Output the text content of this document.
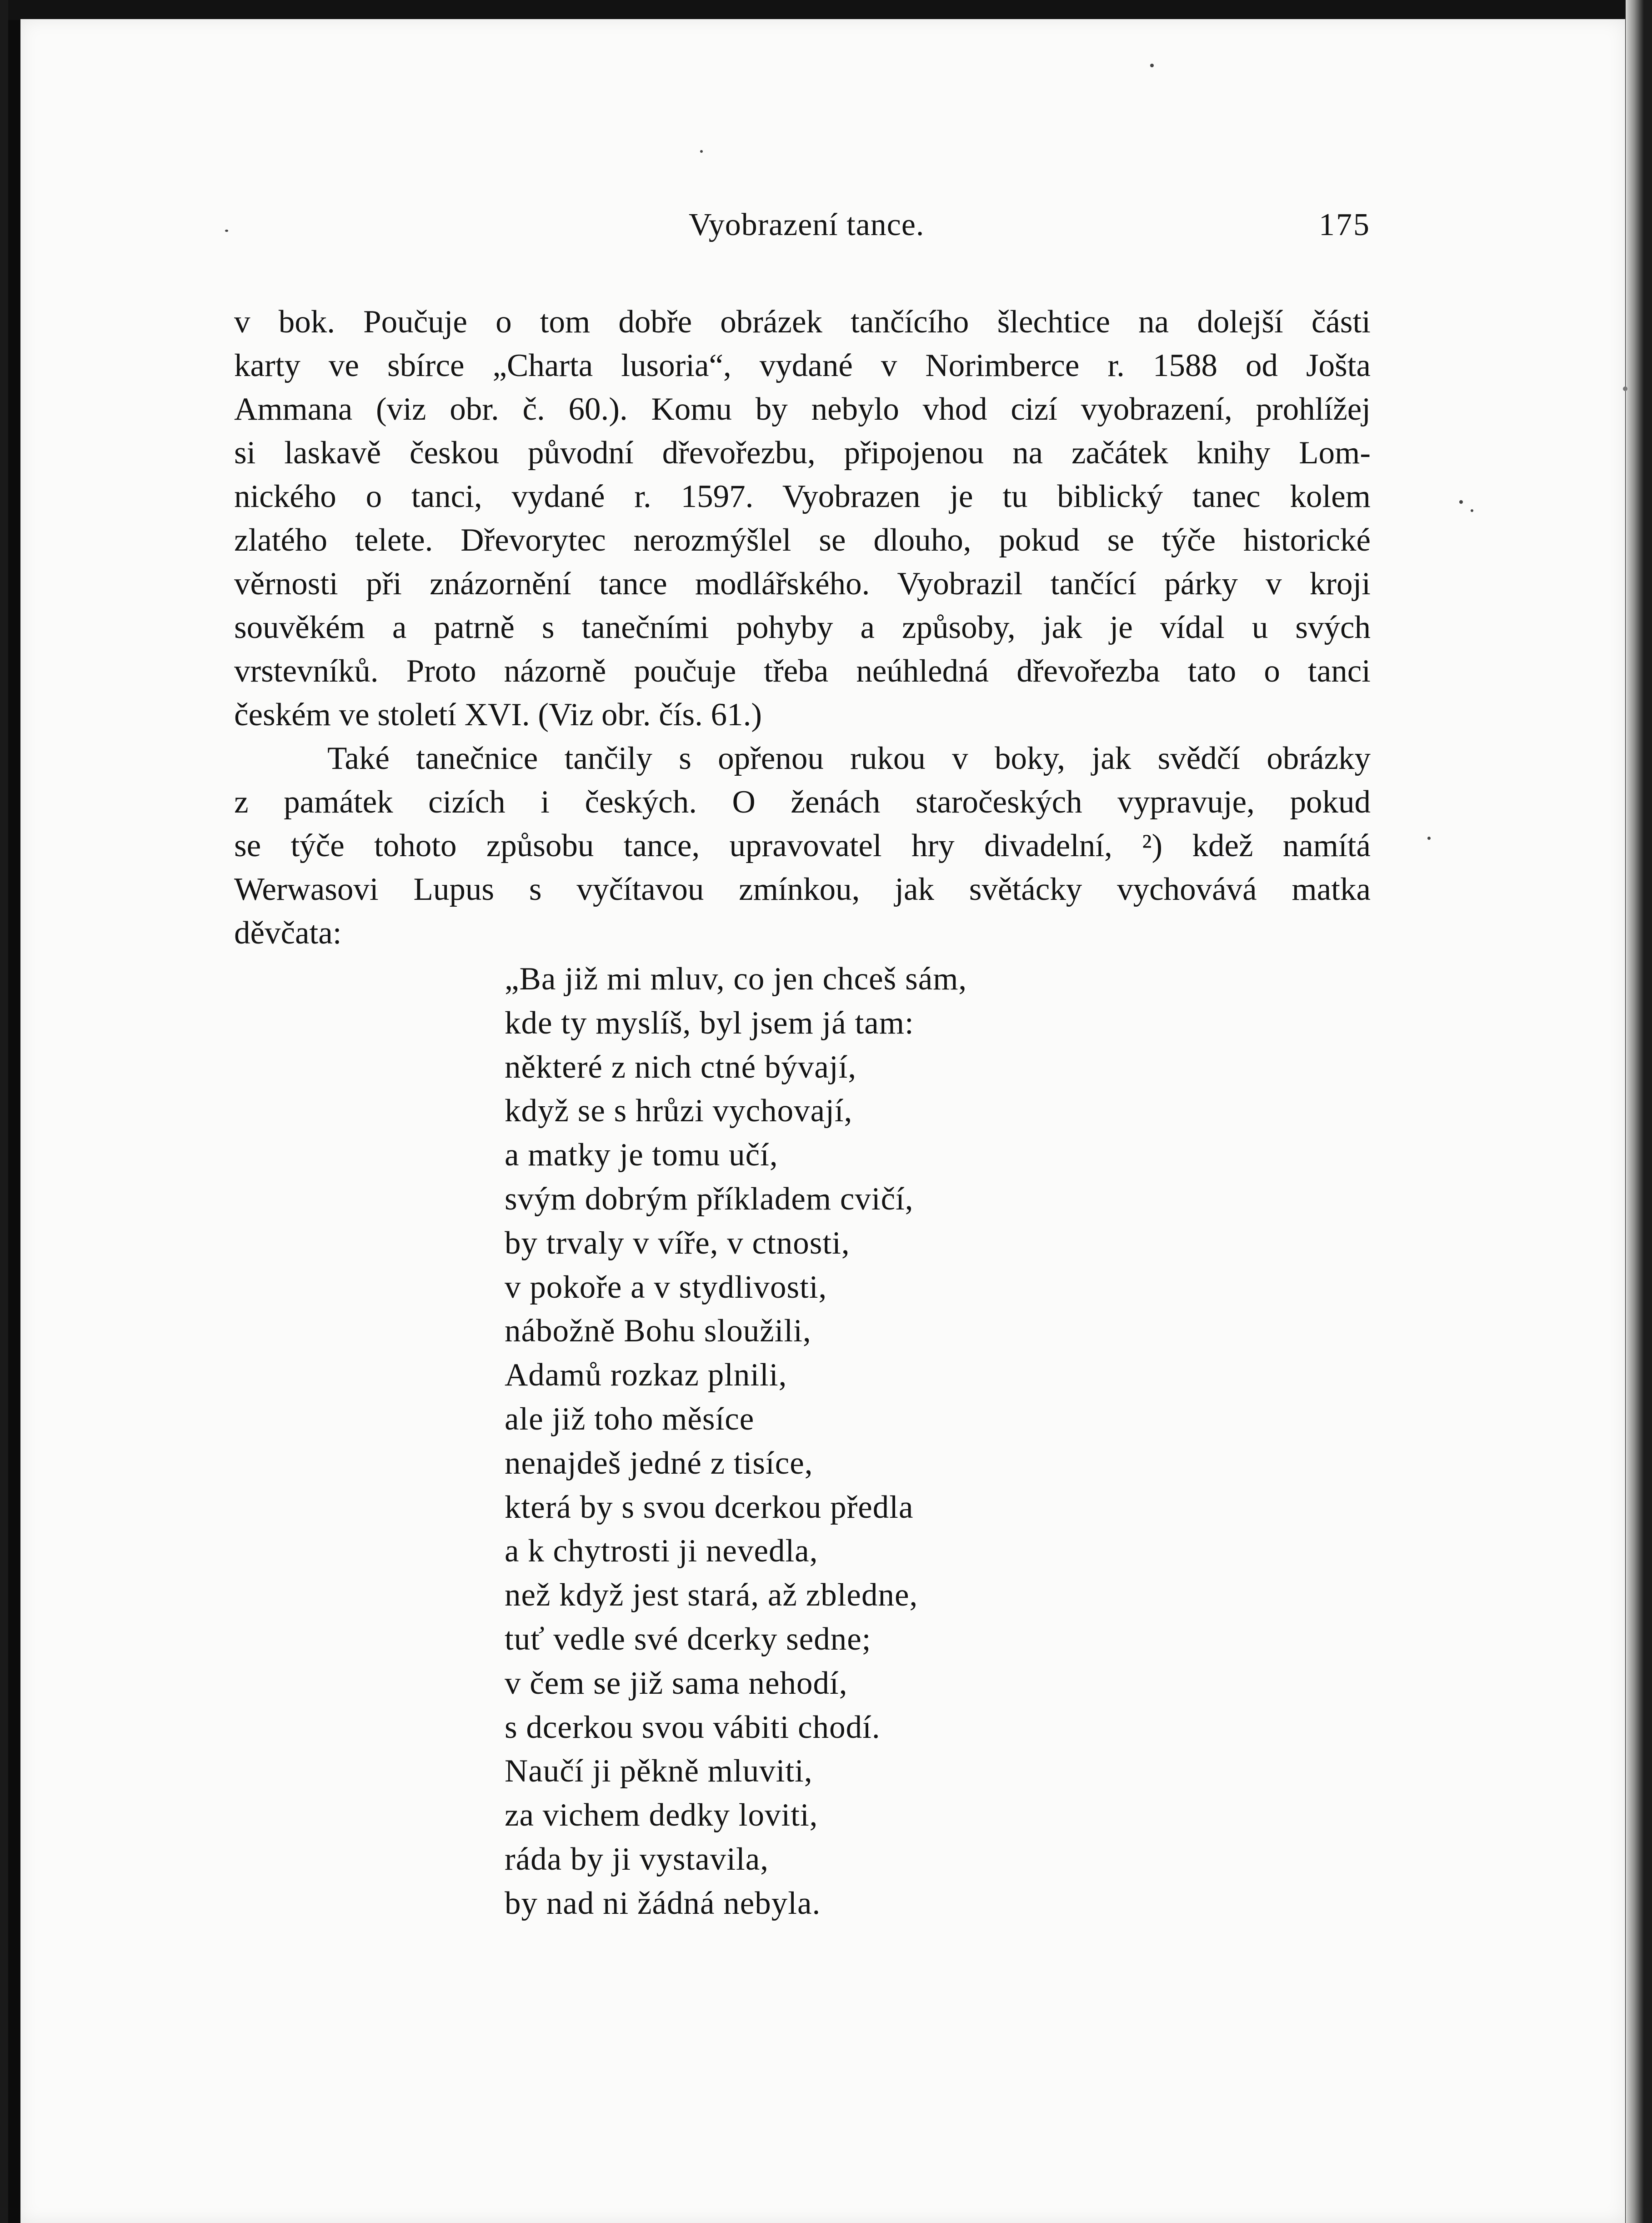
Vyobrazení tance.	175
v bok. Poučuje o tom dobře obrázek tančícího šlechtice na dolejší části
karty ve sbírce „Charta lusoria“, vydané v Norimberce r. 1588 od Jošta
Ammana (viz obr. č. 60.). Komu by nebylo vhod cizí vyobrazení, prohlížej
si laskavě českou původní dřevořezbu, připojenou na začátek knihy Lom-
nického o tanci, vydané r. 1597. Vyobrazen je tu biblický tanec kolem
zlatého telete. Dřevorytec nerozmýšlel se dlouho, pokud se týče historické
věrnosti při znázornění tance modlářského. Vyobrazil tančící párky v kroji
souvěkém a patrně s tanečními pohyby a způsoby, jak je vídal u svých
vrstevníků. Proto názorně poučuje třeba neúhledná dřevořezba tato o tanci
českém ve století XVI. (Viz obr. čís. 61.)
Také tanečnice tančily s opřenou rukou v boky, jak svědčí obrázky
z památek cizích i českých. O ženách staročeských vypravuje, pokud
se týče tohoto způsobu tance, upravovatel hry divadelní, ²) kdež namítá
Werwasovi Lupus s vyčítavou zmínkou, jak světácky vychovává matka
děvčata:
„Ba již mi mluv, co jen chceš sám,
kde ty myslíš, byl jsem já tam:
některé z nich ctné bývají,
když se s hrůzi vychovají,
a matky je tomu učí,
svým dobrým příkladem cvičí,
by trvaly v víře, v ctnosti,
v pokoře a v stydlivosti,
nábožně Bohu sloužili,
Adamů rozkaz plnili,
ale již toho měsíce
nenajdeš jedné z tisíce,
která by s svou dcerkou předla
a k chytrosti ji nevedla,
než když jest stará, až zbledne,
tuť vedle své dcerky sedne;
v čem se již sama nehodí,
s dcerkou svou vábiti chodí.
Naučí ji pěkně mluviti,
za vichem dedky loviti,
ráda by ji vystavila,
by nad ni žádná nebyla.
